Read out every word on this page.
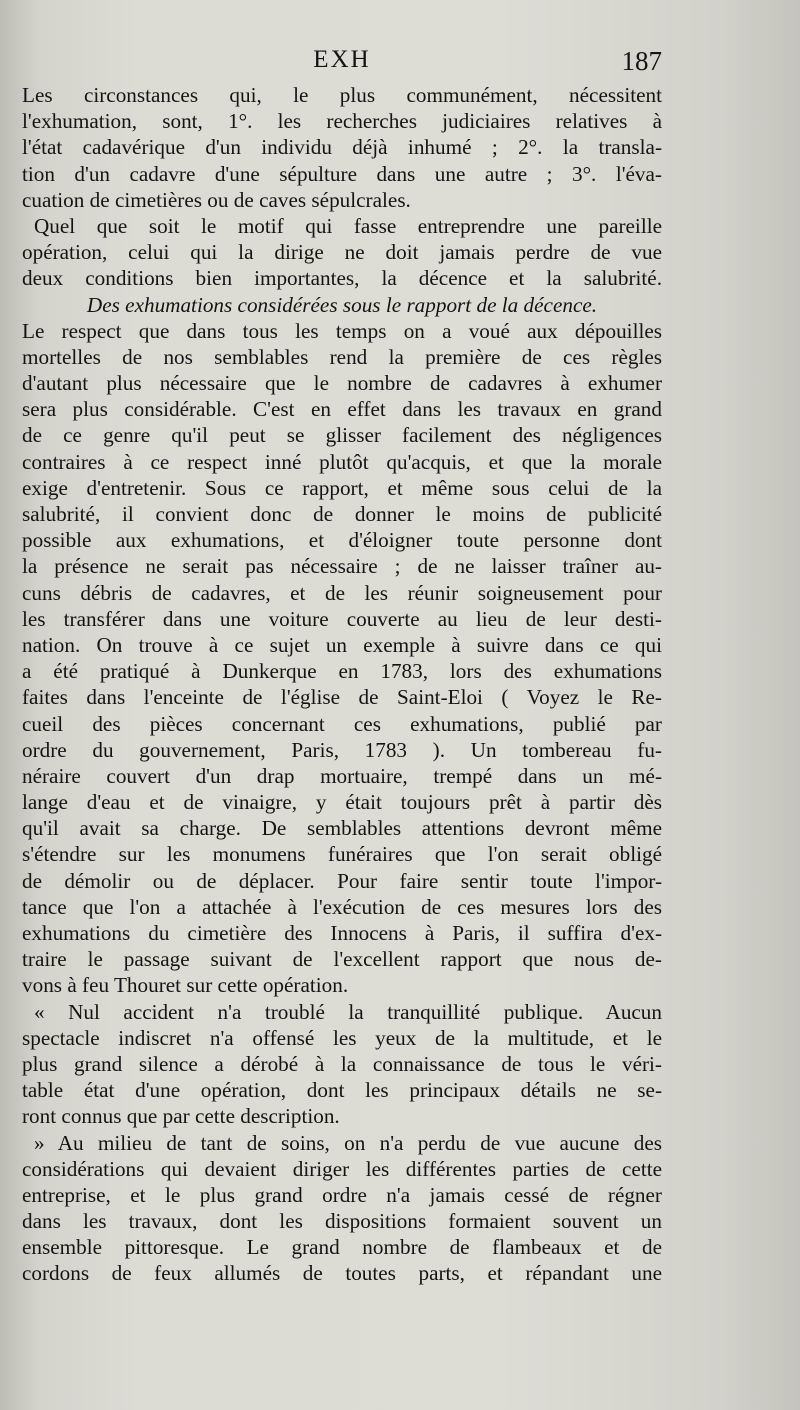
EXH	187
Les circonstances qui, le plus communément, nécessitent
l'exhumation, sont, 1°. les recherches judiciaires relatives à
l'état cadavérique d'un individu déjà inhumé ; 2°. la transla-
tion d'un cadavre d'une sépulture dans une autre ; 3°. l'éva-
cuation de cimetières ou de caves sépulcrales.
Quel que soit le motif qui fasse entreprendre une pareille
opération, celui qui la dirige ne doit jamais perdre de vue
deux conditions bien importantes, la décence et la salubrité.
Des exhumations considérées sous le rapport de la décence.
Le respect que dans tous les temps on a voué aux dépouilles
mortelles de nos semblables rend la première de ces règles
d'autant plus nécessaire que le nombre de cadavres à exhumer
sera plus considérable. C'est en effet dans les travaux en grand
de ce genre qu'il peut se glisser facilement des négligences
contraires à ce respect inné plutôt qu'acquis, et que la morale
exige d'entretenir. Sous ce rapport, et même sous celui de la
salubrité, il convient donc de donner le moins de publicité
possible aux exhumations, et d'éloigner toute personne dont
la présence ne serait pas nécessaire ; de ne laisser traîner au-
cuns débris de cadavres, et de les réunir soigneusement pour
les transférer dans une voiture couverte au lieu de leur desti-
nation. On trouve à ce sujet un exemple à suivre dans ce qui
a été pratiqué à Dunkerque en 1783, lors des exhumations
faites dans l'enceinte de l'église de Saint-Eloi ( Voyez le Re-
cueil des pièces concernant ces exhumations, publié par
ordre du gouvernement, Paris, 1783 ). Un tombereau fu-
néraire couvert d'un drap mortuaire, trempé dans un mé-
lange d'eau et de vinaigre, y était toujours prêt à partir dès
qu'il avait sa charge. De semblables attentions devront même
s'étendre sur les monumens funéraires que l'on serait obligé
de démolir ou de déplacer. Pour faire sentir toute l'impor-
tance que l'on a attachée à l'exécution de ces mesures lors des
exhumations du cimetière des Innocens à Paris, il suffira d'ex-
traire le passage suivant de l'excellent rapport que nous de-
vons à feu Thouret sur cette opération.
« Nul accident n'a troublé la tranquillité publique. Aucun
spectacle indiscret n'a offensé les yeux de la multitude, et le
plus grand silence a dérobé à la connaissance de tous le véri-
table état d'une opération, dont les principaux détails ne se-
ront connus que par cette description.
» Au milieu de tant de soins, on n'a perdu de vue aucune des
considérations qui devaient diriger les différentes parties de cette
entreprise, et le plus grand ordre n'a jamais cessé de régner
dans les travaux, dont les dispositions formaient souvent un
ensemble pittoresque. Le grand nombre de flambeaux et de
cordons de feux allumés de toutes parts, et répandant une
